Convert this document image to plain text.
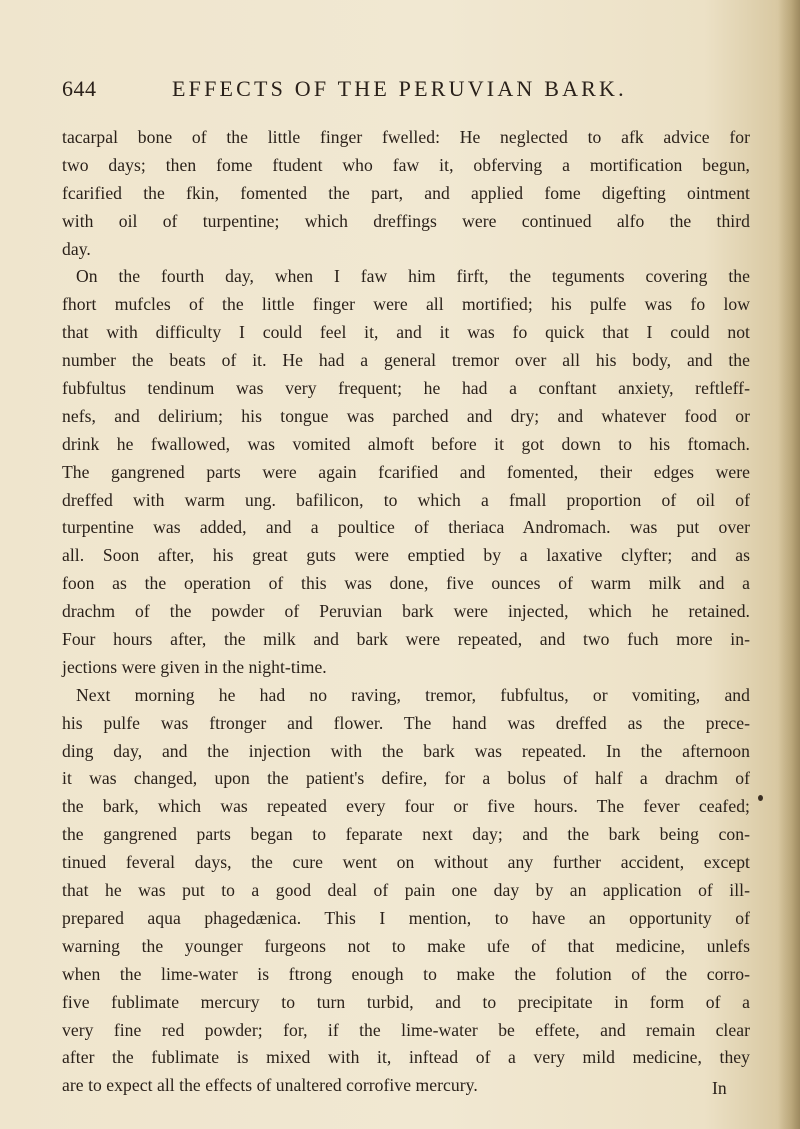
644	EFFECTS OF THE PERUVIAN BARK.
tacarpal bone of the little finger fwelled: He neglected to afk advice for
two days; then fome ftudent who faw it, obferving a mortification begun,
fcarified the fkin, fomented the part, and applied fome digefting ointment
with oil of turpentine; which dreffings were continued alfo the third
day.
On the fourth day, when I faw him firft, the teguments covering the
fhort mufcles of the little finger were all mortified; his pulfe was fo low
that with difficulty I could feel it, and it was fo quick that I could not
number the beats of it. He had a general tremor over all his body, and the
fubfultus tendinum was very frequent; he had a conftant anxiety, reftleff-
nefs, and delirium; his tongue was parched and dry; and whatever food or
drink he fwallowed, was vomited almoft before it got down to his ftomach.
The gangrened parts were again fcarified and fomented, their edges were
dreffed with warm ung. bafilicon, to which a fmall proportion of oil of
turpentine was added, and a poultice of theriaca Andromach. was put over
all. Soon after, his great guts were emptied by a laxative clyfter; and as
foon as the operation of this was done, five ounces of warm milk and a
drachm of the powder of Peruvian bark were injected, which he retained.
Four hours after, the milk and bark were repeated, and two fuch more in-
jections were given in the night-time.
Next morning he had no raving, tremor, fubfultus, or vomiting, and
his pulfe was ftronger and flower. The hand was dreffed as the prece-
ding day, and the injection with the bark was repeated. In the afternoon
it was changed, upon the patient's defire, for a bolus of half a drachm of
the bark, which was repeated every four or five hours. The fever ceafed;
the gangrened parts began to feparate next day; and the bark being con-
tinued feveral days, the cure went on without any further accident, except
that he was put to a good deal of pain one day by an application of ill-
prepared aqua phagedænica. This I mention, to have an opportunity of
warning the younger furgeons not to make ufe of that medicine, unlefs
when the lime-water is ftrong enough to make the folution of the corro-
five fublimate mercury to turn turbid, and to precipitate in form of a
very fine red powder; for, if the lime-water be effete, and remain clear
after the fublimate is mixed with it, inftead of a very mild medicine, they
are to expect all the effects of unaltered corrofive mercury.	In
